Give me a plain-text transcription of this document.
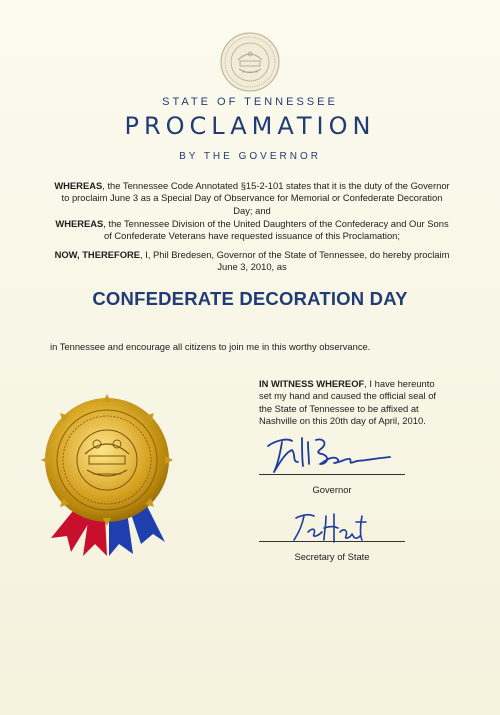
STATE OF TENNESSEE
PROCLAMATION
BY THE GOVERNOR
WHEREAS, the Tennessee Code Annotated §15-2-101 states that it is the duty of the Governor to proclaim June 3 as a Special Day of Observance for Memorial or Confederate Decoration Day; and
WHEREAS, the Tennessee Division of the United Daughters of the Confederacy and Our Sons of Confederate Veterans have requested issuance of this Proclamation;
NOW, THEREFORE, I, Phil Bredesen, Governor of the State of Tennessee, do hereby proclaim June 3, 2010, as
CONFEDERATE DECORATION DAY
in Tennessee and encourage all citizens to join me in this worthy observance.
IN WITNESS WHEREOF, I have hereunto set my hand and caused the official seal of the State of Tennessee to be affixed at Nashville on this 20th day of April, 2010.
Governor
Secretary of State
